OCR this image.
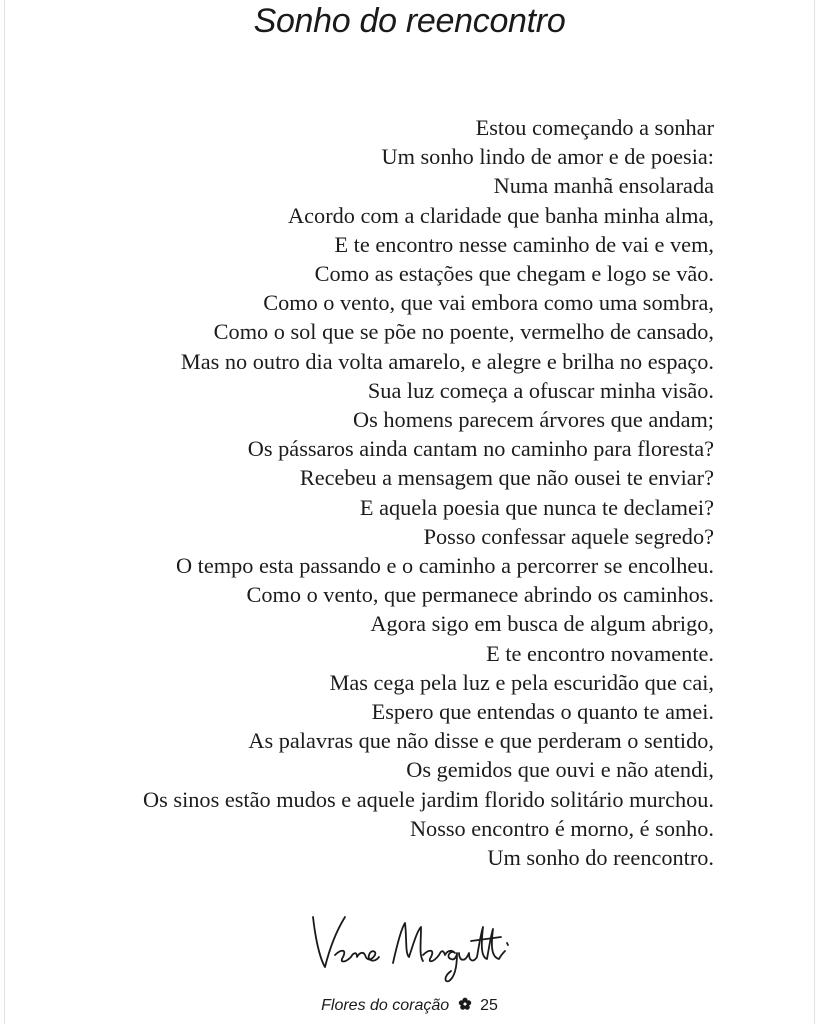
Sonho do reencontro
Estou começando a sonhar
Um sonho lindo de amor e de poesia:
Numa manhã ensolarada
Acordo com a claridade que banha minha alma,
E te encontro nesse caminho de vai e vem,
Como as estações que chegam e logo se vão.
Como o vento, que vai embora como uma sombra,
Como o sol que se põe no poente, vermelho de cansado,
Mas no outro dia volta amarelo, e alegre e brilha no espaço.
Sua luz começa a ofuscar minha visão.
Os homens parecem árvores que andam;
Os pássaros ainda cantam no caminho para floresta?
Recebeu a mensagem que não ousei te enviar?
E aquela poesia que nunca te declamei?
Posso confessar aquele segredo?
O tempo esta passando e o caminho a percorrer se encolheu.
Como o vento, que permanece abrindo os caminhos.
Agora sigo em busca de algum abrigo,
E te encontro novamente.
Mas cega pela luz e pela escuridão que cai,
Espero que entendas o quanto te amei.
As palavras que não disse e que perderam o sentido,
Os gemidos que ouvi e não atendi,
Os sinos estão mudos e aquele jardim florido solitário murchou.
Nosso encontro é morno, é sonho.
Um sonho do reencontro.
Flores do coração 25
